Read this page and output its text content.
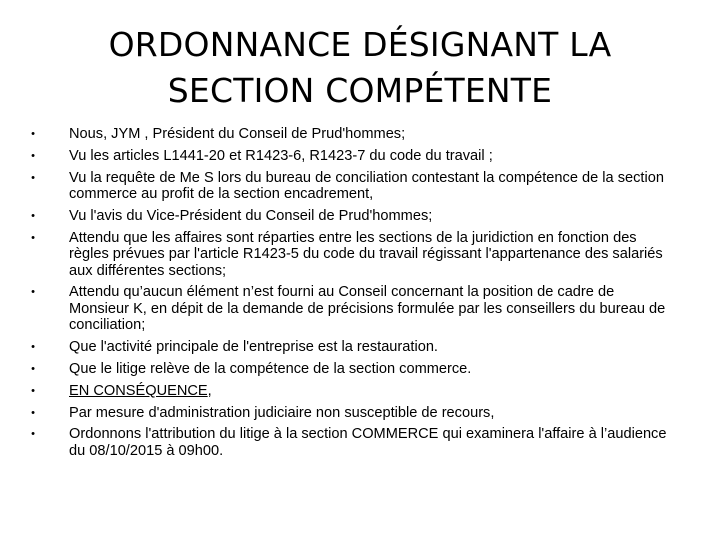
ORDONNANCE DÉSIGNANT LA
SECTION COMPÉTENTE
• Nous, JYM , Président du Conseil de Prud'hommes;
• Vu les articles L1441-20 et R1423-6, R1423-7 du code du travail ;
• Vu la requête de Me S lors du bureau de conciliation contestant la compétence de la section commerce au profit de la section encadrement,
• Vu l'avis du Vice-Président du Conseil de Prud'hommes;
• Attendu que les affaires sont réparties entre les sections de la juridiction en fonction des règles prévues par l'article R1423-5 du code du travail régissant l'appartenance des salariés aux différentes sections;
• Attendu qu’aucun élément n’est fourni au Conseil concernant la position de cadre de Monsieur K, en dépit de la demande de précisions formulée par les conseillers du bureau de conciliation;
• Que l'activité principale de l'entreprise est la restauration.
• Que le litige relève de la compétence de la section commerce.
• EN CONSÉQUENCE,
• Par mesure d'administration judiciaire non susceptible de recours,
• Ordonnons l'attribution du litige à la section COMMERCE qui examinera l'affaire à l’audience du 08/10/2015 à 09h00.
